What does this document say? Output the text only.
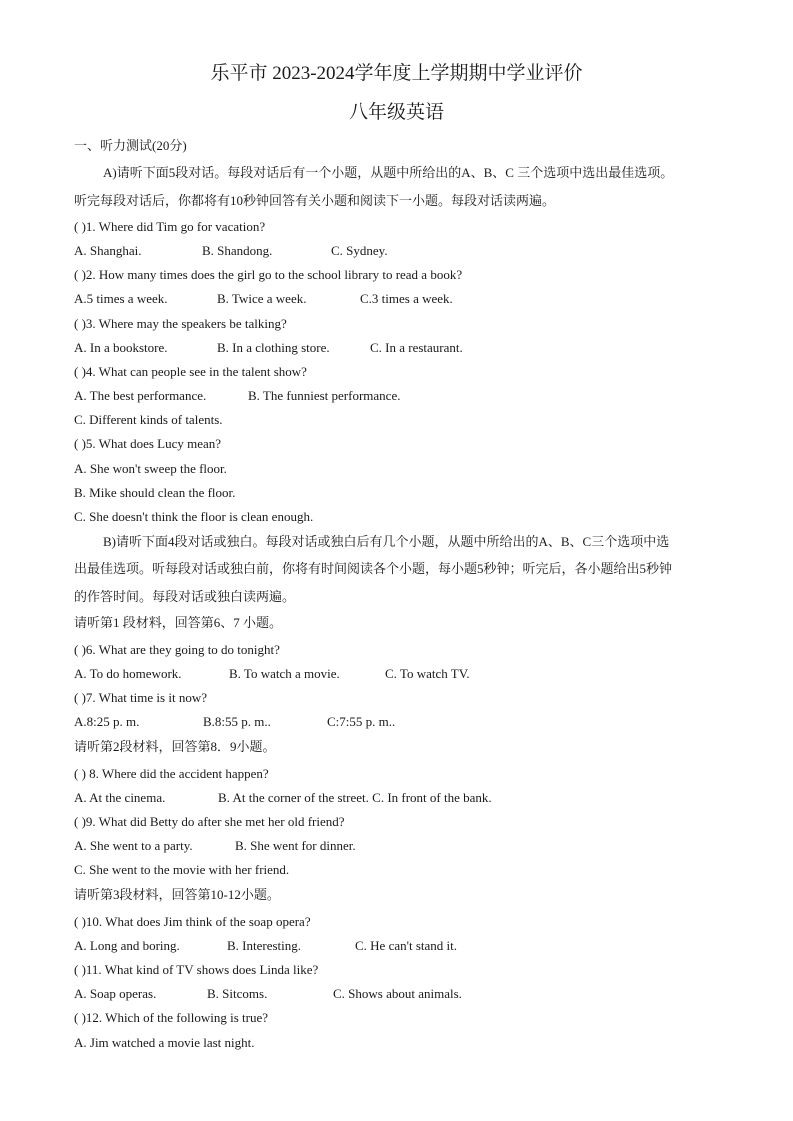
乐平市 2023-2024学年度上学期期中学业评价
八年级英语
一、听力测试(20分)
A)请听下面5段对话。每段对话后有一个小题，从题中所给出的A、B、C 三个选项中选出最佳选项。
听完每段对话后，你都将有10秒钟回答有关小题和阅读下一小题。每段对话读两遍。
( )1. Where did Tim go for vacation?
A. Shanghai.	B. Shandong.	C. Sydney.
( )2. How many times does the girl go to the school library to read a book?
A.5 times a week.	B. Twice a week.	C.3 times a week.
( )3. Where may the speakers be talking?
A. In a bookstore.	B. In a clothing store.	C. In a restaurant.
( )4. What can people see in the talent show?
A. The best performance.	B. The funniest performance.
C. Different kinds of talents.
( )5. What does Lucy mean?
A. She won't sweep the floor.
B. Mike should clean the floor.
C. She doesn't think the floor is clean enough.
B)请听下面4段对话或独白。每段对话或独白后有几个小题，从题中所给出的A、B、C三个选项中选
出最佳选项。听每段对话或独白前，你将有时间阅读各个小题，每小题5秒钟；听完后，各小题给出5秒钟
的作答时间。每段对话或独白读两遍。
请听第1 段材料，回答第6、7 小题。
( )6. What are they going to do tonight?
A. To do homework.	B. To watch a movie.	C. To watch TV.
( )7. What time is it now?
A.8:25 p. m.	B.8:55 p. m..	C:7:55 p. m..
请听第2段材料，回答第8．9小题。
( ) 8. Where did the accident happen?
A. At the cinema.	B. At the corner of the street. C. In front of the bank.
( )9. What did Betty do after she met her old friend?
A. She went to a party.	B. She went for dinner.
C. She went to the movie with her friend.
请听第3段材料，回答第10-12小题。
( )10. What does Jim think of the soap opera?
A. Long and boring.	B. Interesting.	C. He can't stand it.
( )11. What kind of TV shows does Linda like?
A. Soap operas.	B. Sitcoms.	C. Shows about animals.
( )12. Which of the following is true?
A. Jim watched a movie last night.
